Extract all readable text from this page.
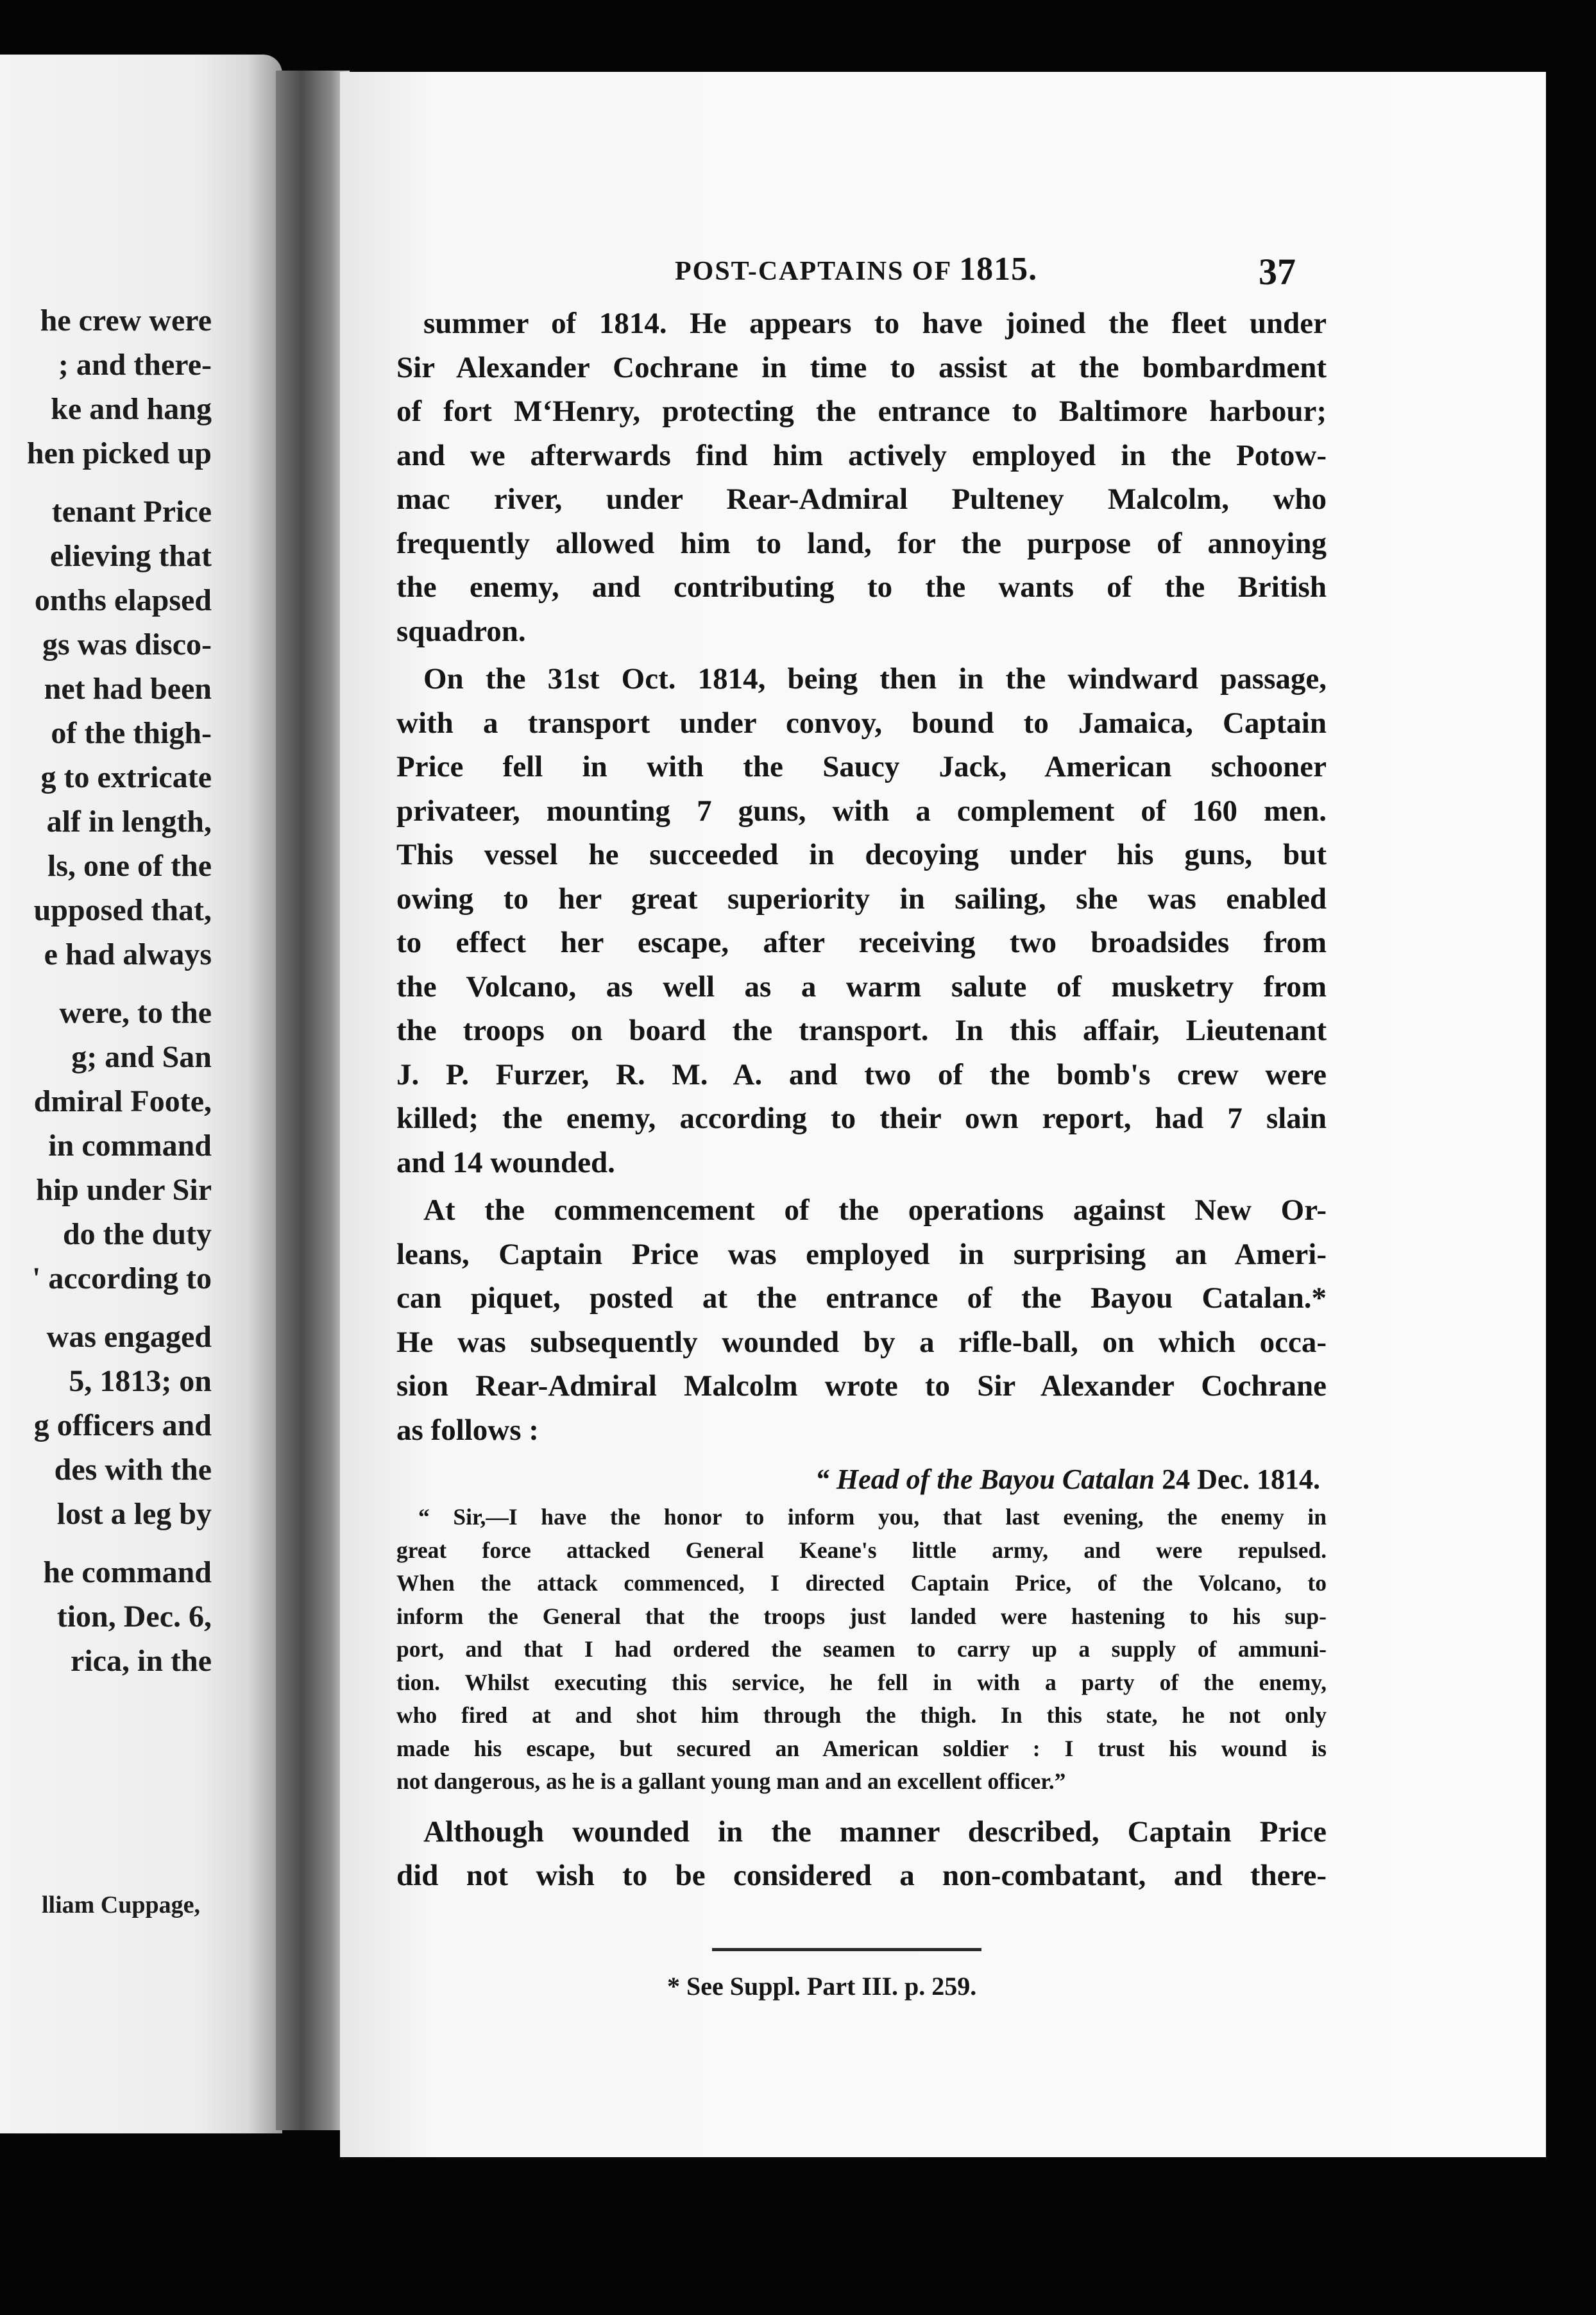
he crew were
; and there-
ke and hang
hen picked up
tenant Price
elieving that
onths elapsed
gs was disco-
net had been
of the thigh-
g to extricate
alf in length,
ls, one of the
upposed that,
e had always
were, to the
g; and San
dmiral Foote,
in command
hip under Sir
do the duty
' according to
was engaged
5, 1813; on
g officers and
des with the
lost a leg by
he command
tion, Dec. 6,
rica, in the
lliam Cuppage,
POST-CAPTAINS OF 1815.	37
summer of 1814. He appears to have joined the fleet under
Sir Alexander Cochrane in time to assist at the bombardment
of fort M‘Henry, protecting the entrance to Baltimore harbour;
and we afterwards find him actively employed in the Potow-
mac river, under Rear-Admiral Pulteney Malcolm, who
frequently allowed him to land, for the purpose of annoying
the enemy, and contributing to the wants of the British
squadron.
On the 31st Oct. 1814, being then in the windward passage,
with a transport under convoy, bound to Jamaica, Captain
Price fell in with the Saucy Jack, American schooner
privateer, mounting 7 guns, with a complement of 160 men.
This vessel he succeeded in decoying under his guns, but
owing to her great superiority in sailing, she was enabled
to effect her escape, after receiving two broadsides from
the Volcano, as well as a warm salute of musketry from
the troops on board the transport. In this affair, Lieutenant
J. P. Furzer, R. M. A. and two of the bomb's crew were
killed; the enemy, according to their own report, had 7 slain
and 14 wounded.
At the commencement of the operations against New Or-
leans, Captain Price was employed in surprising an Ameri-
can piquet, posted at the entrance of the Bayou Catalan.*
He was subsequently wounded by a rifle-ball, on which occa-
sion Rear-Admiral Malcolm wrote to Sir Alexander Cochrane
as follows :
“ Head of the Bayou Catalan 24 Dec. 1814.
“ Sir,—I have the honor to inform you, that last evening, the enemy in
great force attacked General Keane's little army, and were repulsed.
When the attack commenced, I directed Captain Price, of the Volcano, to
inform the General that the troops just landed were hastening to his sup-
port, and that I had ordered the seamen to carry up a supply of ammuni-
tion. Whilst executing this service, he fell in with a party of the enemy,
who fired at and shot him through the thigh. In this state, he not only
made his escape, but secured an American soldier : I trust his wound is
not dangerous, as he is a gallant young man and an excellent officer.”
Although wounded in the manner described, Captain Price
did not wish to be considered a non-combatant, and there-
* See Suppl. Part III. p. 259.
